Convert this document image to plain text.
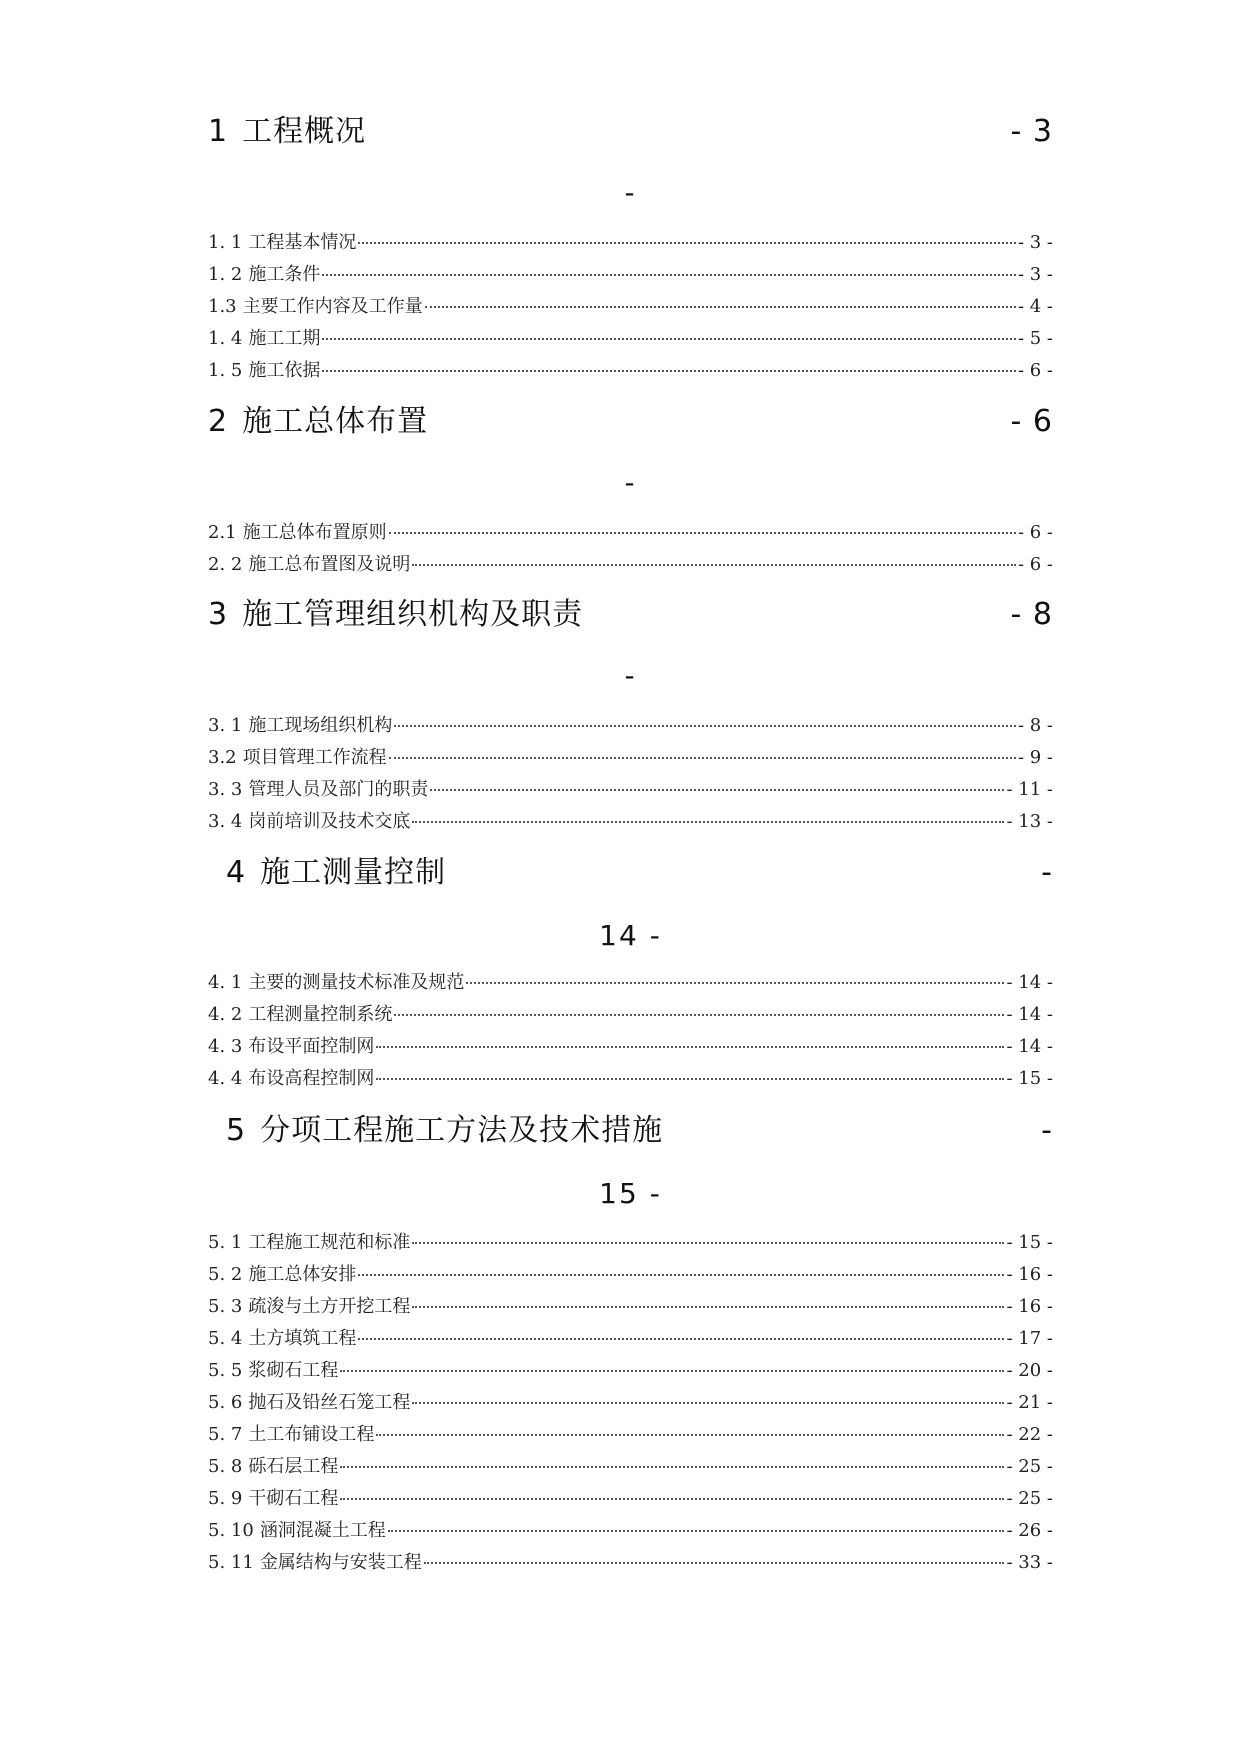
1 工程概况	- 3
-
1. 1 工程基本情况	- 3 -
1. 2 施工条件	- 3 -
1.3 主要工作内容及工作量	- 4 -
1. 4 施工工期	- 5 -
1. 5 施工依据	- 6 -
2 施工总体布置	- 6
-
2.1 施工总体布置原则	- 6 -
2. 2 施工总布置图及说明	- 6 -
3 施工管理组织机构及职责	- 8
-
3. 1 施工现场组织机构	- 8 -
3.2 项目管理工作流程	- 9 -
3. 3 管理人员及部门的职责	- 11 -
3. 4 岗前培训及技术交底	- 13 -
4 施工测量控制	-
14 -
4. 1 主要的测量技术标准及规范	- 14 -
4. 2 工程测量控制系统	- 14 -
4. 3 布设平面控制网	- 14 -
4. 4 布设高程控制网	- 15 -
5 分项工程施工方法及技术措施	-
15 -
5. 1 工程施工规范和标准	- 15 -
5. 2 施工总体安排	- 16 -
5. 3 疏浚与土方开挖工程	- 16 -
5. 4 土方填筑工程	- 17 -
5. 5 浆砌石工程	- 20 -
5. 6 抛石及铅丝石笼工程	- 21 -
5. 7 土工布铺设工程	- 22 -
5. 8 砾石层工程	- 25 -
5. 9 干砌石工程	- 25 -
5. 10 涵洞混凝土工程	- 26 -
5. 11 金属结构与安装工程	- 33 -
